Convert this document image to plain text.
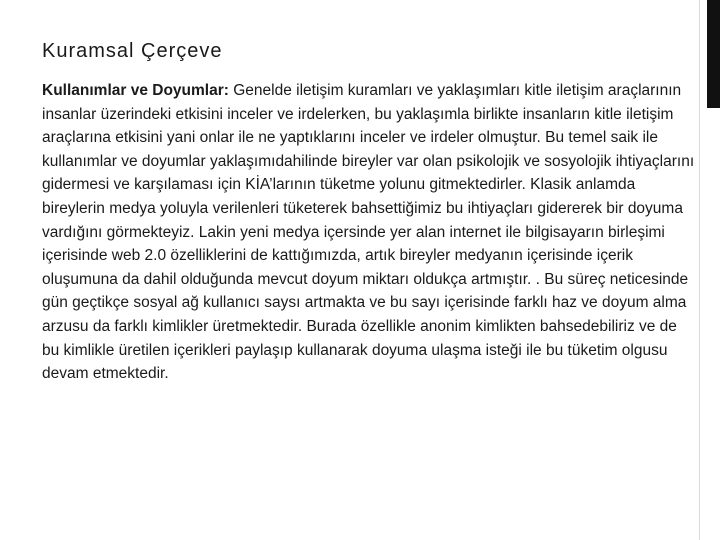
Kuramsal Çerçeve

Kullanımlar ve Doyumlar: Genelde iletişim kuramları ve yaklaşımları kitle iletişim araçlarının insanlar üzerindeki etkisini inceler ve irdelerken, bu yaklaşımla birlikte insanların kitle iletişim araçlarına etkisini yani onlar ile ne yaptıklarını inceler ve irdeler olmuştur. Bu temel saik ile kullanımlar ve doyumlar yaklaşımıdahilinde bireyler var olan psikolojik ve sosyolojik ihtiyaçlarını gidermesi ve karşılaması için KİA’larının tüketme yolunu gitmektedirler. Klasik anlamda bireylerin medya yoluyla verilenleri tüketerek bahsettiğimiz bu ihtiyaçları gidererek bir doyuma vardığını görmekteyiz. Lakin yeni medya içersinde yer alan internet ile bilgisayarın birleşimi içerisinde web 2.0 özelliklerini de kattığımızda, artık bireyler medyanın içerisinde içerik oluşumuna da dahil olduğunda mevcut doyum miktarı oldukça artmıştır. . Bu süreç neticesinde gün geçtikçe sosyal ağ kullanıcı saysı artmakta ve bu sayı içerisinde farklı haz ve doyum alma arzusu da farklı kimlikler üretmektedir. Burada özellikle anonim kimlikten bahsedebiliriz ve de bu kimlikle üretilen içerikleri paylaşıp kullanarak doyuma ulaşma isteği ile bu tüketim olgusu devam etmektedir.
